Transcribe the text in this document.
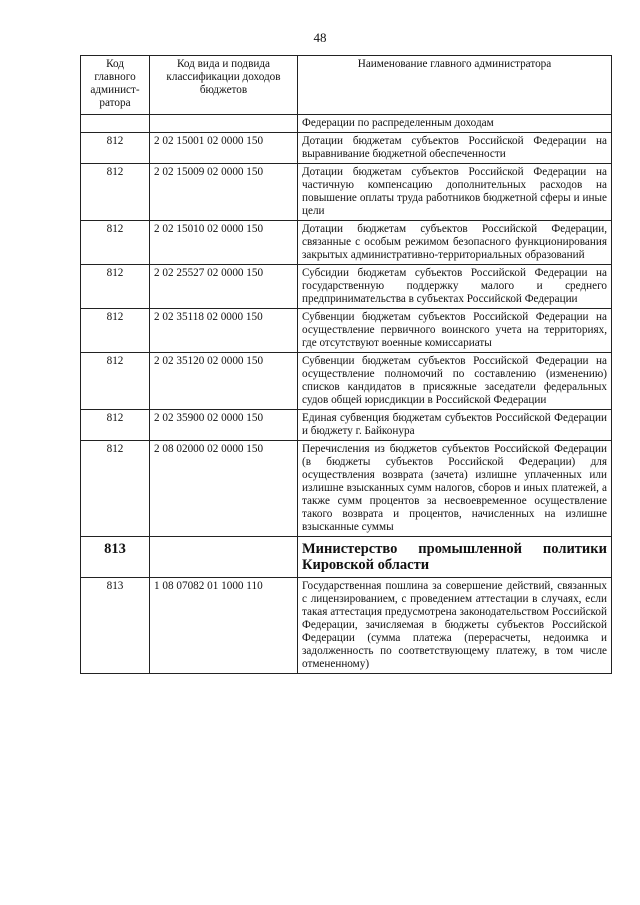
48
Код главного админист-ратора	Код вида и подвида классификации доходов бюджетов	Наименование главного администратора
		Федерации по распределенным доходам
812	2 02 15001 02 0000 150	Дотации бюджетам субъектов Российской Федерации на выравнивание бюджетной обеспеченности
812	2 02 15009 02 0000 150	Дотации бюджетам субъектов Российской Федерации на частичную компенсацию дополнительных расходов на повышение оплаты труда работников бюджетной сферы и иные цели
812	2 02 15010 02 0000 150	Дотации бюджетам субъектов Российской Федерации, связанные с особым режимом безопасного функционирования закрытых административно-территориальных образований
812	2 02 25527 02 0000 150	Субсидии бюджетам субъектов Российской Федерации на государственную поддержку малого и среднего предпринимательства в субъектах Российской Федерации
812	2 02 35118 02 0000 150	Субвенции бюджетам субъектов Российской Федерации на осуществление первичного воинского учета на территориях, где отсутствуют военные комиссариаты
812	2 02 35120 02 0000 150	Субвенции бюджетам субъектов Российской Федерации на осуществление полномочий по составлению (изменению) списков кандидатов в присяжные заседатели федеральных судов общей юрисдикции в Российской Федерации
812	2 02 35900 02 0000 150	Единая субвенция бюджетам субъектов Российской Федерации и бюджету г. Байконура
812	2 08 02000 02 0000 150	Перечисления из бюджетов субъектов Российской Федерации (в бюджеты субъектов Российской Федерации) для осуществления возврата (зачета) излишне уплаченных или излишне взысканных сумм налогов, сборов и иных платежей, а также сумм процентов за несвоевременное осуществление такого возврата и процентов, начисленных на излишне взысканные суммы
813		Министерство промышленной политики Кировской области
813	1 08 07082 01 1000 110	Государственная пошлина за совершение действий, связанных с лицензированием, с проведением аттестации в случаях, если такая аттестация предусмотрена законодательством Российской Федерации, зачисляемая в бюджеты субъектов Российской Федерации (сумма платежа (перерасчеты, недоимка и задолженность по соответствующему платежу, в том числе отмененному)
